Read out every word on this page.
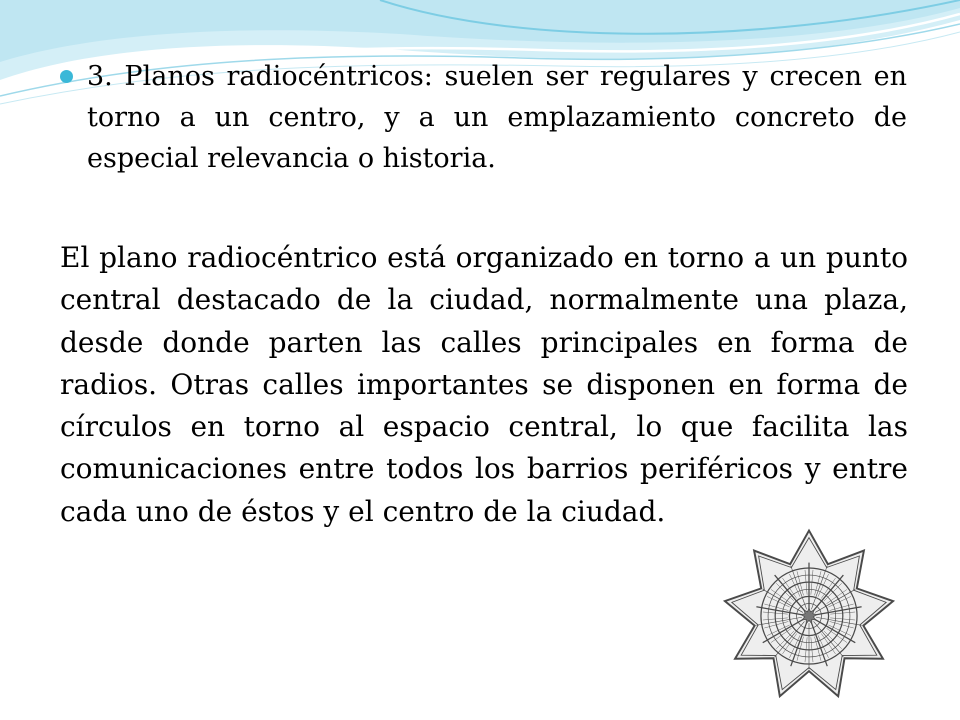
3. Planos radiocéntricos: suelen ser regulares y crecen en torno a un centro, y a un emplazamiento concreto de especial relevancia o historia.
El plano radiocéntrico está organizado en torno a un punto central destacado de la ciudad, normalmente una plaza, desde donde parten las calles principales en forma de radios. Otras calles importantes se disponen en forma de círculos en torno al espacio central, lo que facilita las comunicaciones entre todos los barrios periféricos y entre cada uno de éstos y el centro de la ciudad.
